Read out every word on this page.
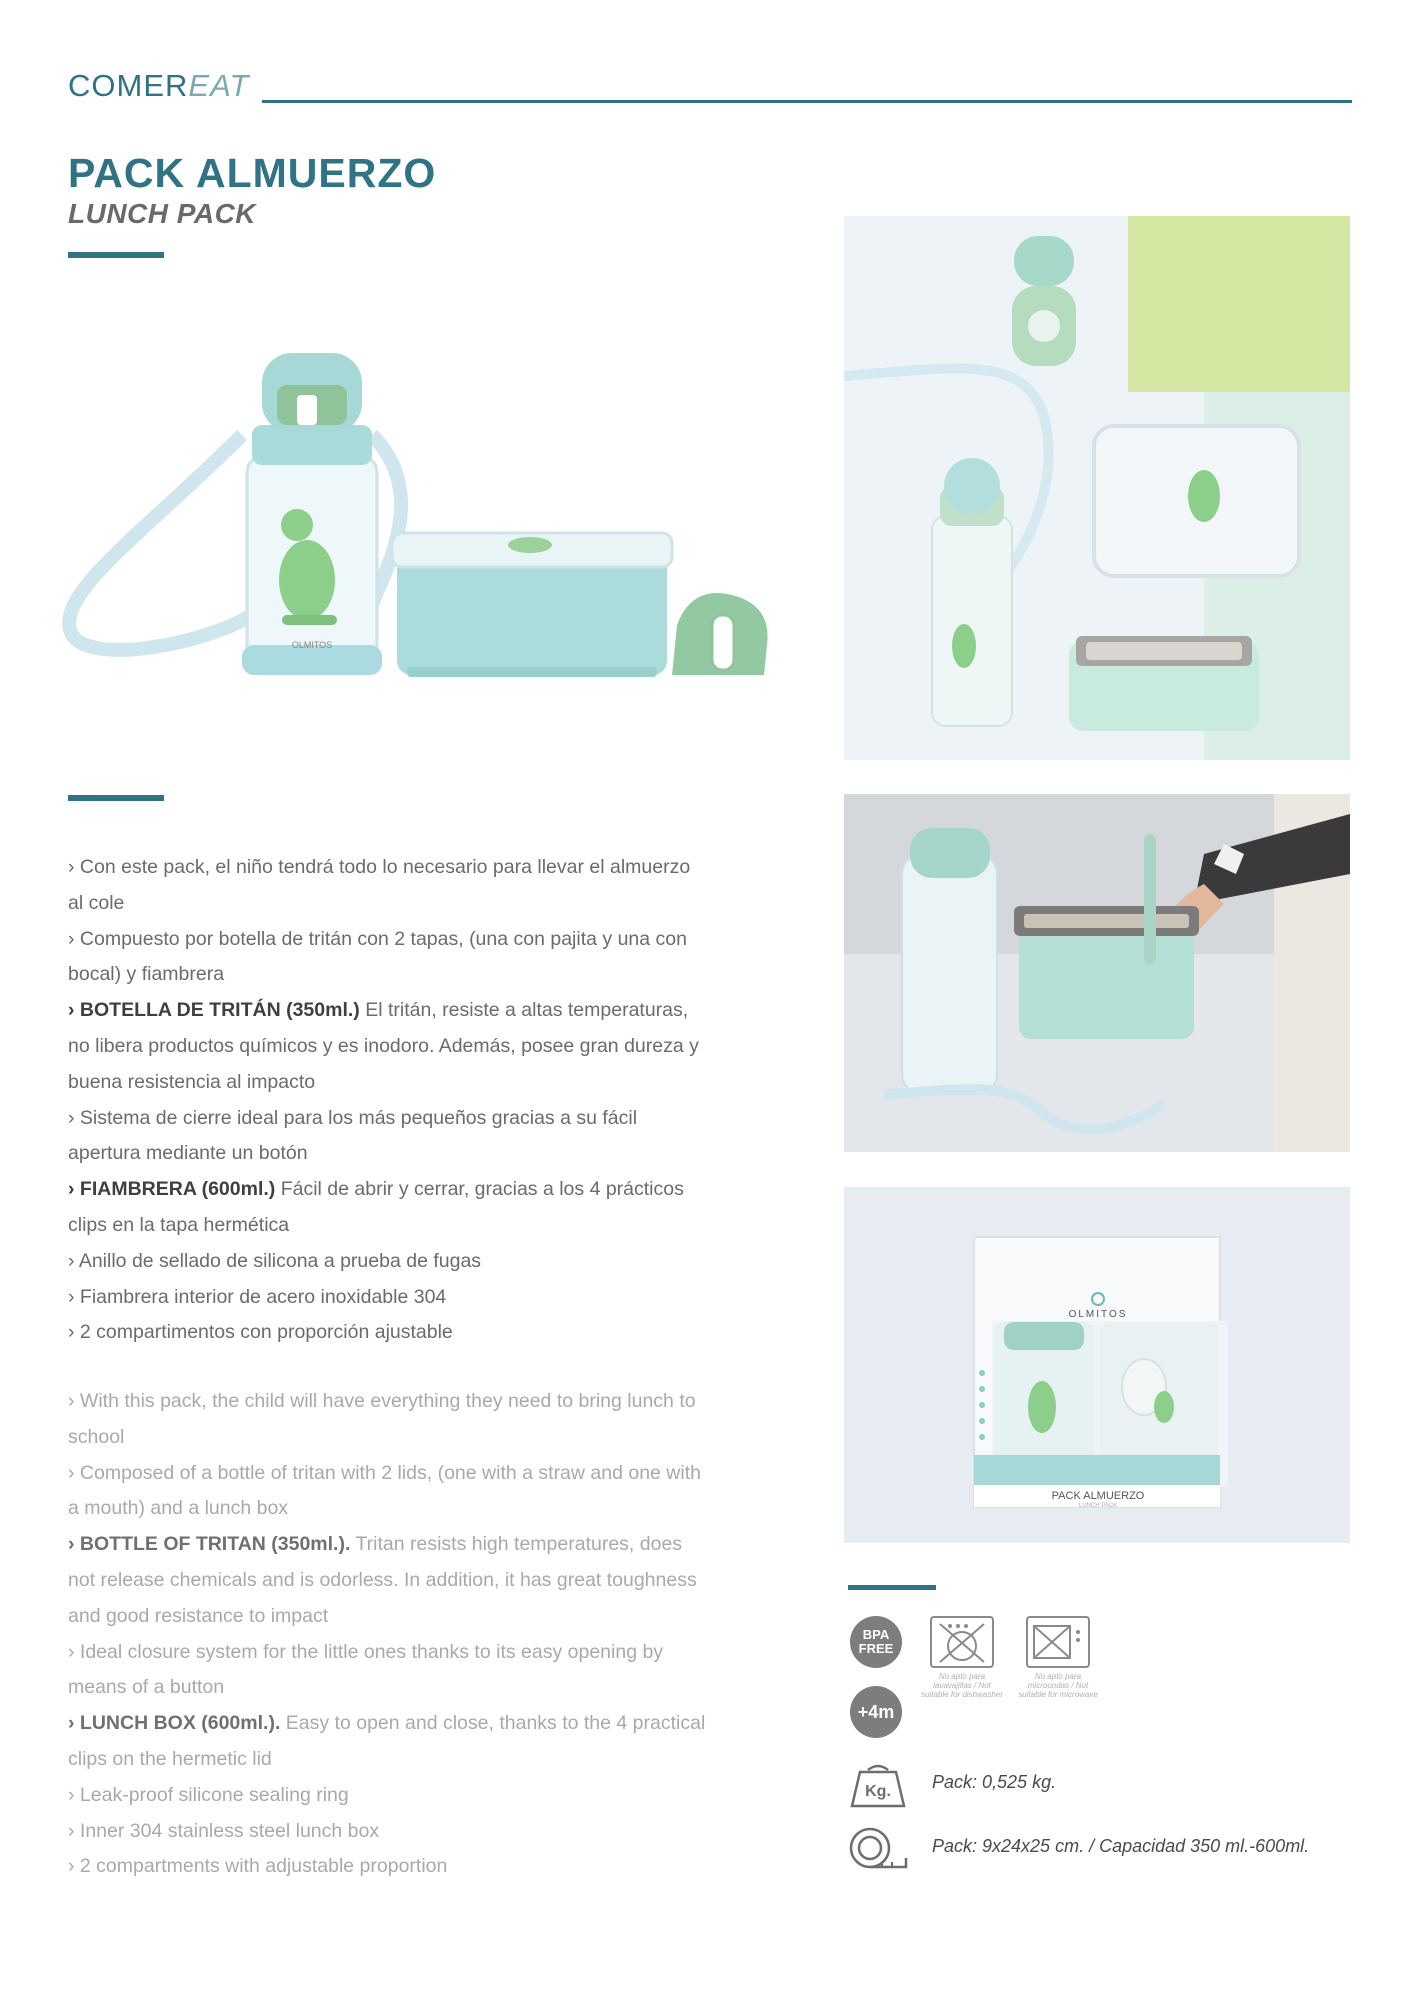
COMEREAT
PACK ALMUERZO
LUNCH PACK
OLMITOS
OLMITOS
PACK ALMUERZO
LUNCH PACK

› Con este pack, el niño tendrá todo lo necesario para llevar el almuerzo al cole

› Compuesto por botella de tritán con 2 tapas, (una con pajita y una con bocal) y fiambrera

› BOTELLA DE TRITÁN (350ml.) El tritán, resiste a altas temperaturas, no libera productos químicos y es inodoro. Además, posee gran dureza y buena resistencia al impacto

› Sistema de cierre ideal para los más pequeños gracias a su fácil apertura mediante un botón

› FIAMBRERA (600ml.) Fácil de abrir y cerrar, gracias a los 4 prácticos clips en la tapa hermética

› Anillo de sellado de silicona a prueba de fugas

› Fiambrera interior de acero inoxidable 304

› 2 compartimentos con proporción ajustable

› With this pack, the child will have everything they need to bring lunch to school

› Composed of a bottle of tritan with 2 lids, (one with a straw and one with a mouth) and a lunch box

› BOTTLE OF TRITAN (350ml.). Tritan resists high temperatures, does not release chemicals and is odorless. In addition, it has great toughness and good resistance to impact

› Ideal closure system for the little ones thanks to its easy opening by means of a button

› LUNCH BOX (600ml.). Easy to open and close, thanks to the 4 practical clips on the hermetic lid

› Leak-proof silicone sealing ring

› Inner 304 stainless steel lunch box

› 2 compartments with adjustable proportion

BPA
FREE
+4m
No apto para lavavajillas / Not suitable for dishwasher
No apto para microondas / Not suitable for microwave
Kg. Pack: 0,525 kg.
Pack: 9x24x25 cm. / Capacidad 350 ml.-600ml.
